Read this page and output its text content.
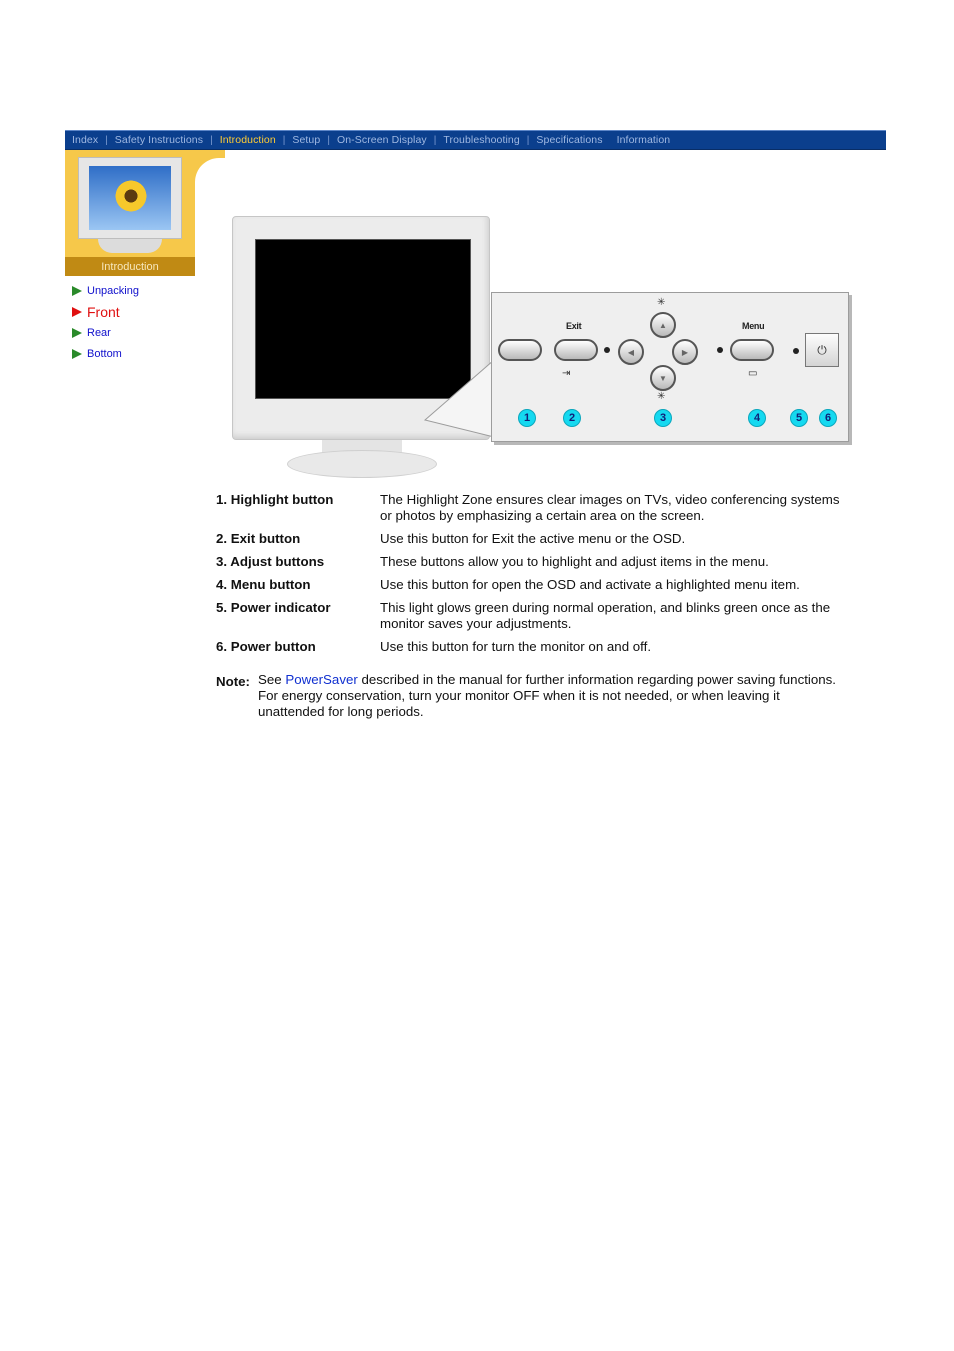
Index | Safety Instructions | Introduction | Setup | On-Screen Display | Troubleshooting | Specifications	Information
Introduction
Unpacking
Front
Rear
Bottom
Exit	Menu
▲
◀	▶
▼
✳
✳
⇥	▭
⏻
1	2	3	4	5	6
1. Highlight button	The Highlight Zone ensures clear images on TVs, video conferencing systems or photos by emphasizing a certain area on the screen.
2. Exit button	Use this button for Exit the active menu or the OSD.
3. Adjust buttons	These buttons allow you to highlight and adjust items in the menu.
4. Menu button	Use this button for open the OSD and activate a highlighted menu item.
5. Power indicator	This light glows green during normal operation, and blinks green once as the monitor saves your adjustments.
6. Power button	Use this button for turn the monitor on and off.
Note: See PowerSaver described in the manual for further information regarding power saving functions. For energy conservation, turn your monitor OFF when it is not needed, or when leaving it unattended for long periods.
